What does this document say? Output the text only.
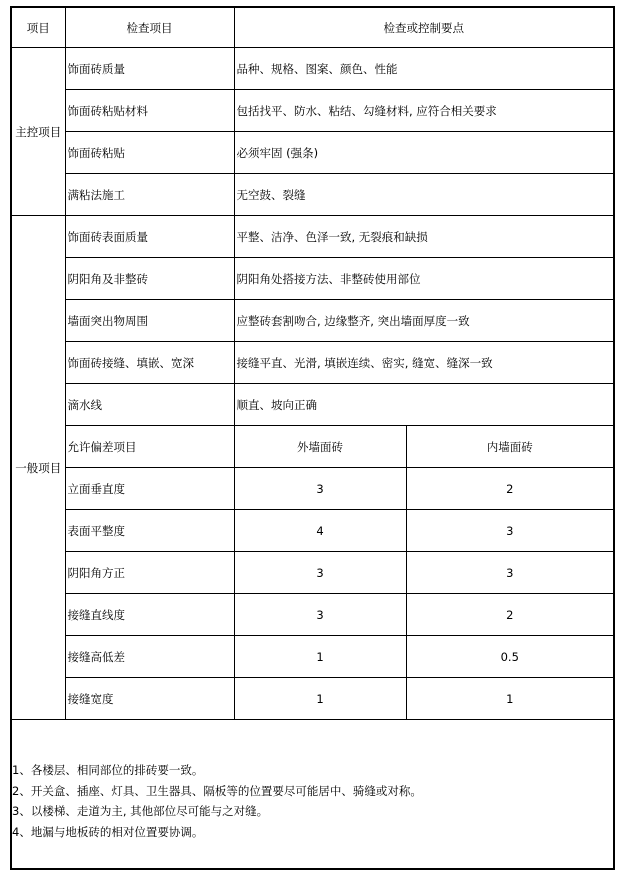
项目	检查项目	检查或控制要点	
主控项目	饰面砖质量	品种、规格、图案、颜色、性能	
	饰面砖粘贴材料	包括找平、防水、粘结、勾缝材料, 应符合相关要求	
	饰面砖粘贴	必须牢固 (强条)	
	满粘法施工	无空鼓、裂缝	
一般项目	饰面砖表面质量	平整、洁净、色泽一致, 无裂痕和缺损	
	阴阳角及非整砖	阴阳角处搭接方法、非整砖使用部位	
	墙面突出物周围	应整砖套割吻合, 边缘整齐, 突出墙面厚度一致	
	饰面砖接缝、填嵌、宽深	接缝平直、光滑, 填嵌连续、密实, 缝宽、缝深一致	
	滴水线	顺直、坡向正确	
	允许偏差项目	外墙面砖	内墙面砖
	立面垂直度	3	2
	表面平整度	4	3
	阴阳角方正	3	3
	接缝直线度	3	2
	接缝高低差	1	0.5
	接缝宽度	1	1
1、各楼层、相同部位的排砖要一致。
2、开关盒、插座、灯具、卫生器具、隔板等的位置要尽可能居中、骑缝或对称。
3、以楼梯、走道为主, 其他部位尽可能与之对缝。
4、地漏与地板砖的相对位置要协调。
